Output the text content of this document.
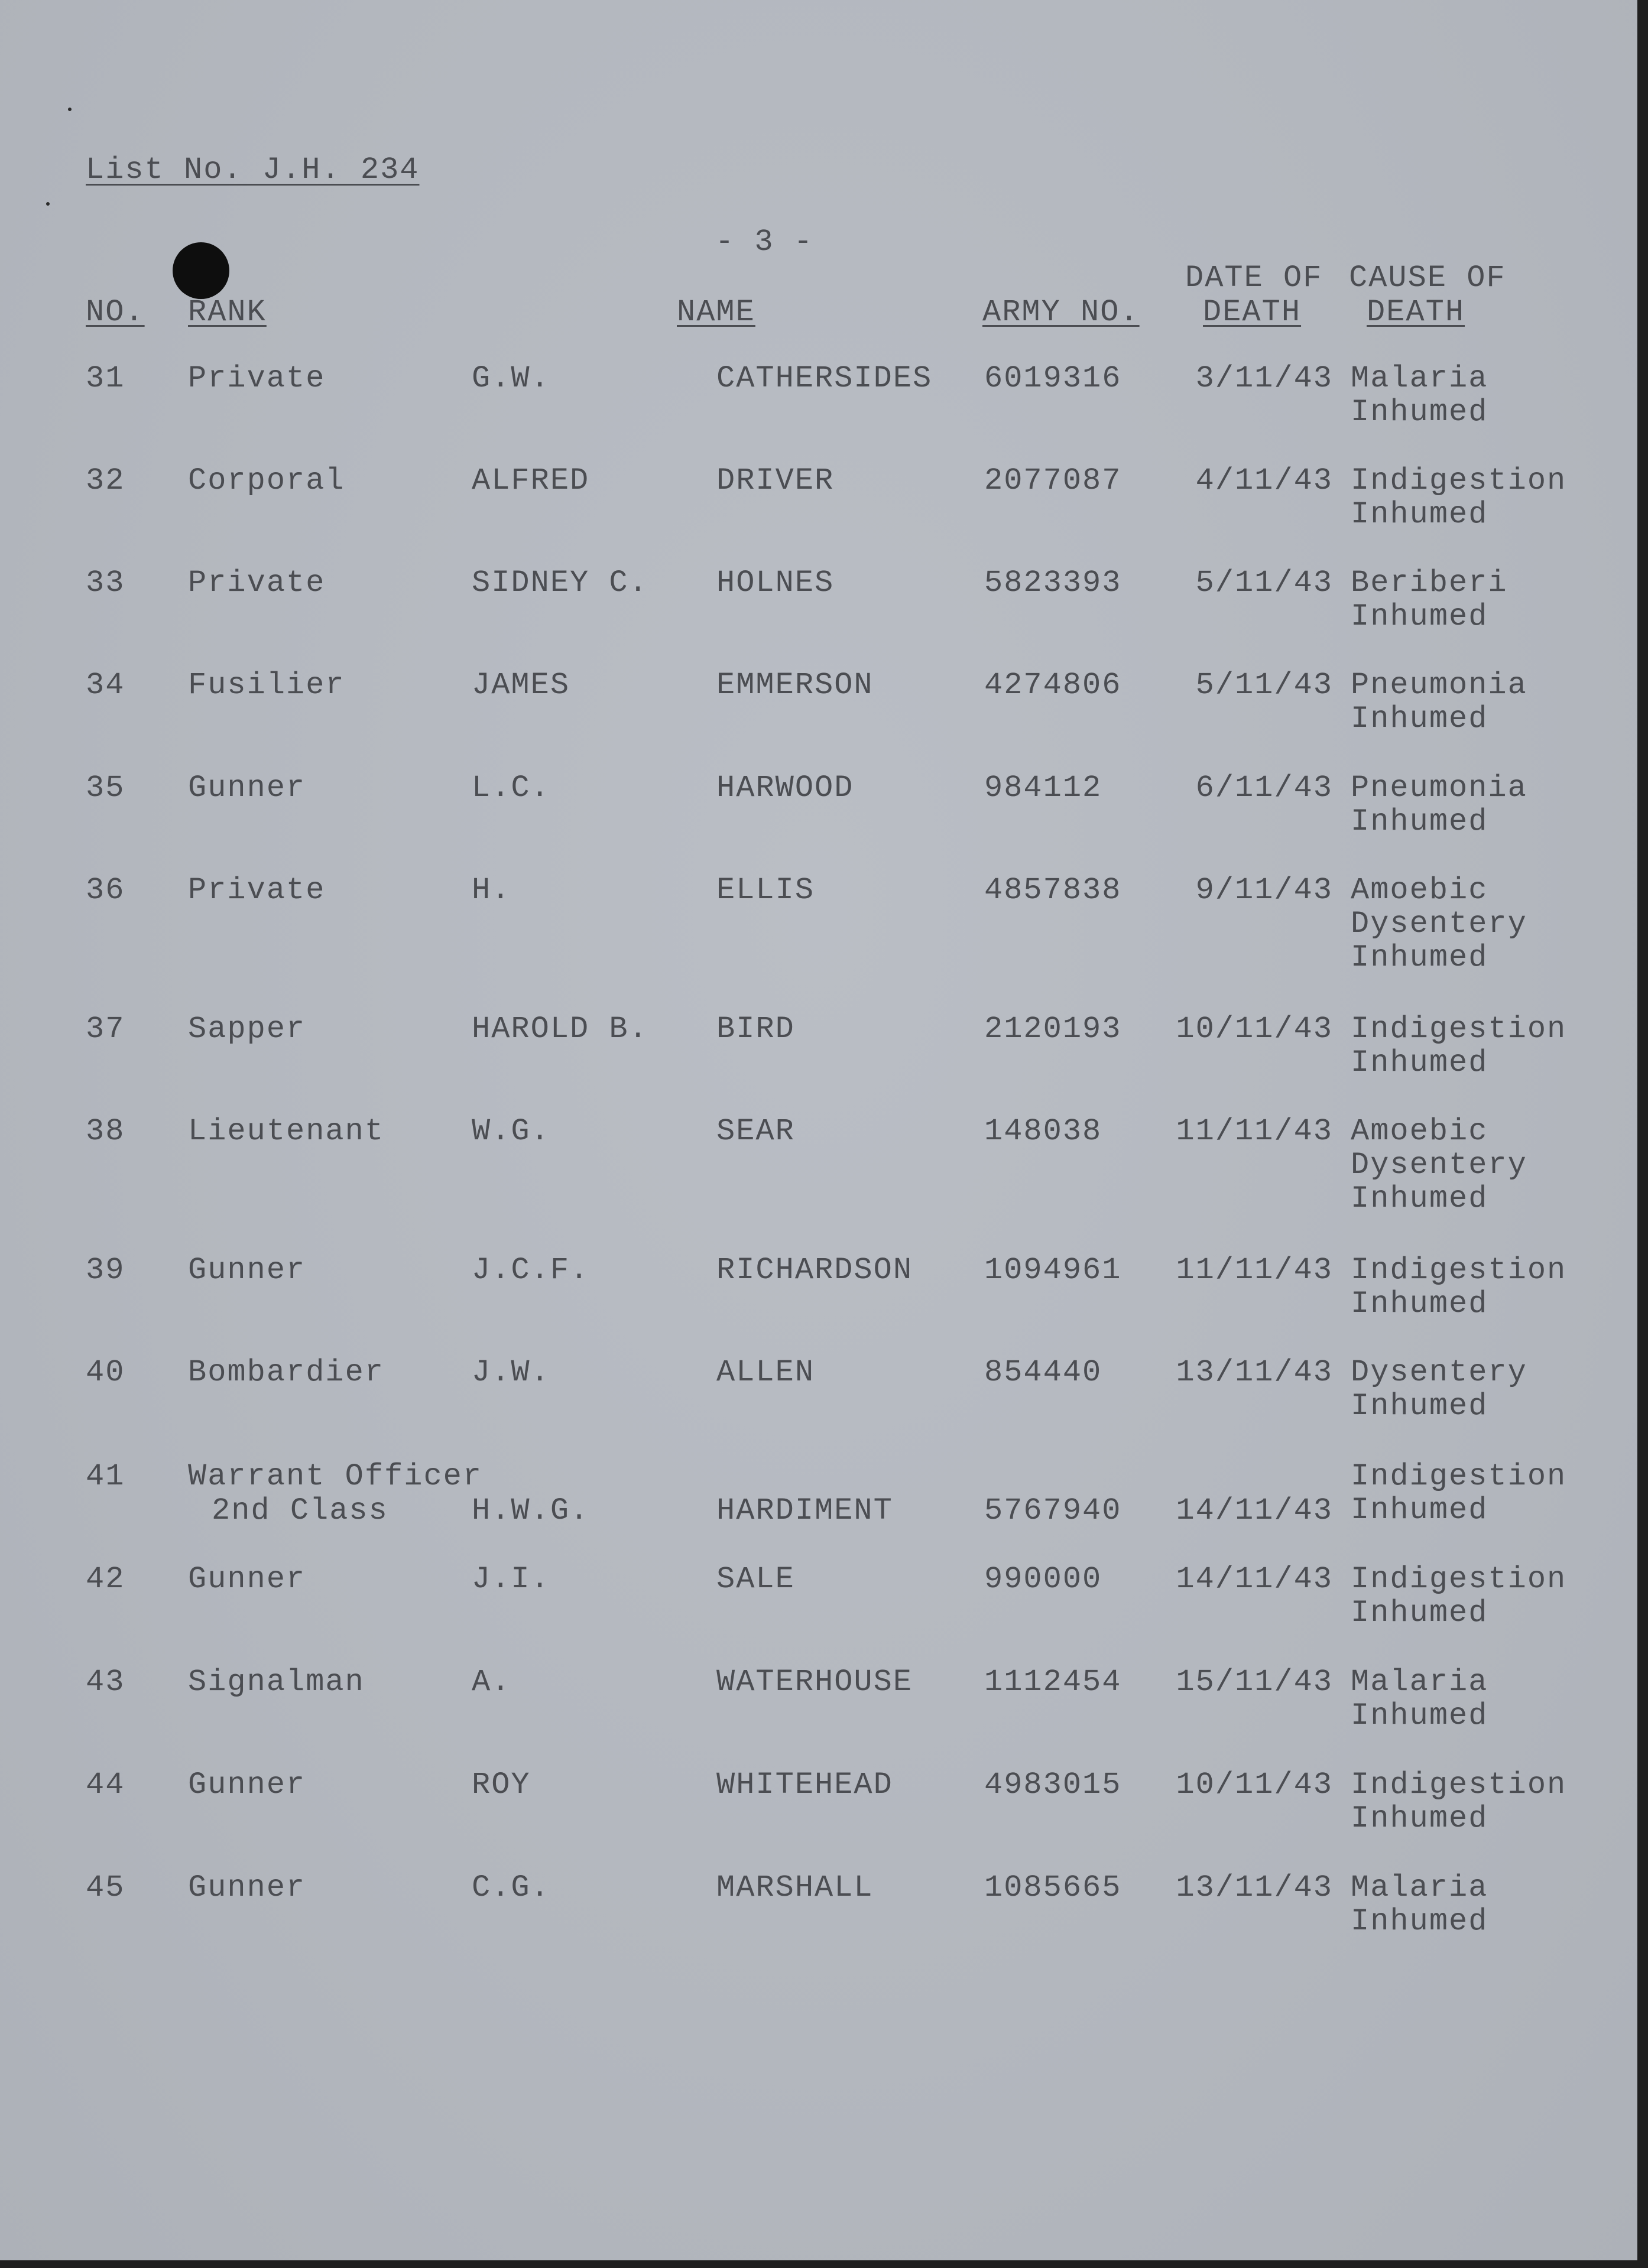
List No. J.H. 234
- 3 -
NO. RANK	NAME	ARMY NO.
DATE OF
DEATH
CAUSE OF
DEATH
31 Private	G.W.	CATHERSIDES 6019316	3/11/43 Malaria
Inhumed
32 Corporal	ALFRED	DRIVER	2077087	4/11/43 Indigestion
Inhumed
33 Private	SIDNEY C. HOLNES	5823393	5/11/43 Beriberi
Inhumed
34 Fusilier	JAMES	EMMERSON	4274806	5/11/43 Pneumonia
Inhumed
35 Gunner	L.C.	HARWOOD	984112	6/11/43 Pneumonia
Inhumed
36 Private	H.	ELLIS	4857838	9/11/43 Amoebic
Dysentery
Inhumed
37 Sapper	HAROLD B. BIRD	2120193 10/11/43 Indigestion
Inhumed
38 Lieutenant	W.G.	SEAR	148038 11/11/43 Amoebic
Dysentery
Inhumed
39 Gunner	J.C.F.	RICHARDSON 1094961 11/11/43 Indigestion
Inhumed
40 Bombardier	J.W.	ALLEN	854440 13/11/43 Dysentery
Inhumed
41 Warrant Officer
2nd Class	H.W.G.	HARDIMENT	5767940 14/11/43
Indigestion
Inhumed
42 Gunner	J.I.	SALE	990000 14/11/43 Indigestion
Inhumed
43 Signalman	A.	WATERHOUSE 1112454 15/11/43 Malaria
Inhumed
44 Gunner	ROY	WHITEHEAD	4983015 10/11/43 Indigestion
Inhumed
45 Gunner	C.G.	MARSHALL	1085665 13/11/43 Malaria
Inhumed
